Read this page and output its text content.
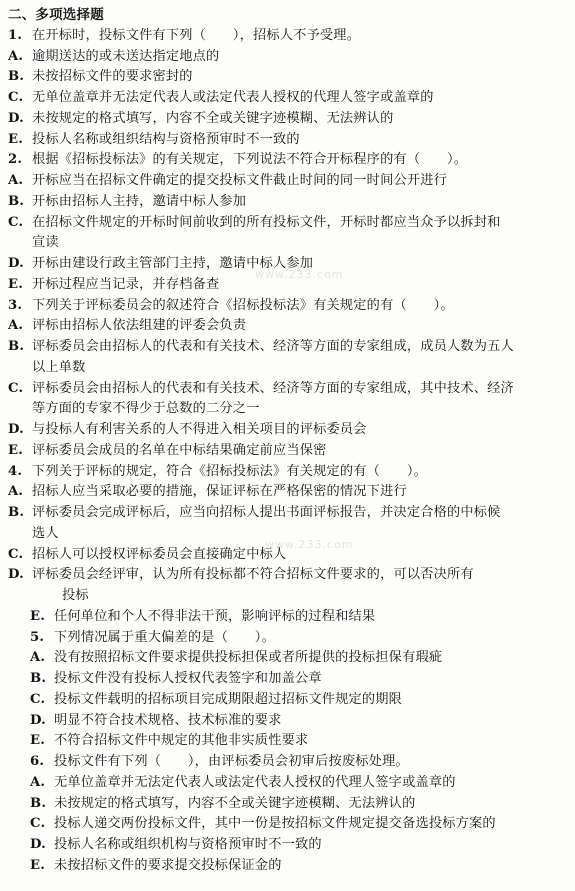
二、多项选择题
1. 在开标时，投标文件有下列（　　），招标人不予受理。
A. 逾期送达的或未送达指定地点的
B. 未按招标文件的要求密封的
C. 无单位盖章并无法定代表人或法定代表人授权的代理人签字或盖章的
D. 未按规定的格式填写，内容不全或关键字迹模糊、无法辨认的
E. 投标人名称或组织结构与资格预审时不一致的
2. 根据《招标投标法》的有关规定，下列说法不符合开标程序的有（　　）。
A. 开标应当在招标文件确定的提交投标文件截止时间的同一时间公开进行
B. 开标由招标人主持，邀请中标人参加
C. 在招标文件规定的开标时间前收到的所有投标文件，开标时都应当众予以拆封和
宣读
D. 开标由建设行政主管部门主持，邀请中标人参加
E. 开标过程应当记录，并存档备查
3. 下列关于评标委员会的叙述符合《招标投标法》有关规定的有（　　）。
A. 评标由招标人依法组建的评委会负责
B. 评标委员会由招标人的代表和有关技术、经济等方面的专家组成，成员人数为五人
以上单数
C. 评标委员会由招标人的代表和有关技术、经济等方面的专家组成，其中技术、经济
等方面的专家不得少于总数的二分之一
D. 与投标人有利害关系的人不得进入相关项目的评标委员会
E. 评标委员会成员的名单在中标结果确定前应当保密
4. 下列关于评标的规定，符合《招标投标法》有关规定的有（　　）。
A. 招标人应当采取必要的措施，保证评标在严格保密的情况下进行
B. 评标委员会完成评标后，应当向招标人提出书面评标报告，并决定合格的中标候
选人
C. 招标人可以授权评标委员会直接确定中标人
D. 评标委员会经评审，认为所有投标都不符合招标文件要求的，可以否决所有
投标
E. 任何单位和个人不得非法干预，影响评标的过程和结果
5. 下列情况属于重大偏差的是（　　）。
A. 没有按照招标文件要求提供投标担保或者所提供的投标担保有瑕疵
B. 投标文件没有投标人授权代表签字和加盖公章
C. 投标文件载明的招标项目完成期限超过招标文件规定的期限
D. 明显不符合技术规格、技术标准的要求
E. 不符合招标文件中规定的其他非实质性要求
6. 投标文件有下列（　　），由评标委员会初审后按废标处理。
A. 无单位盖章并无法定代表人或法定代表人授权的代理人签字或盖章的
B. 未按规定的格式填写，内容不全或关键字迹模糊、无法辨认的
C. 投标人递交两份投标文件，其中一份是按招标文件规定提交备选投标方案的
D. 投标人名称或组织机构与资格预审时不一致的
E. 未按招标文件的要求提交投标保证金的
www.233.com
www.233.com
